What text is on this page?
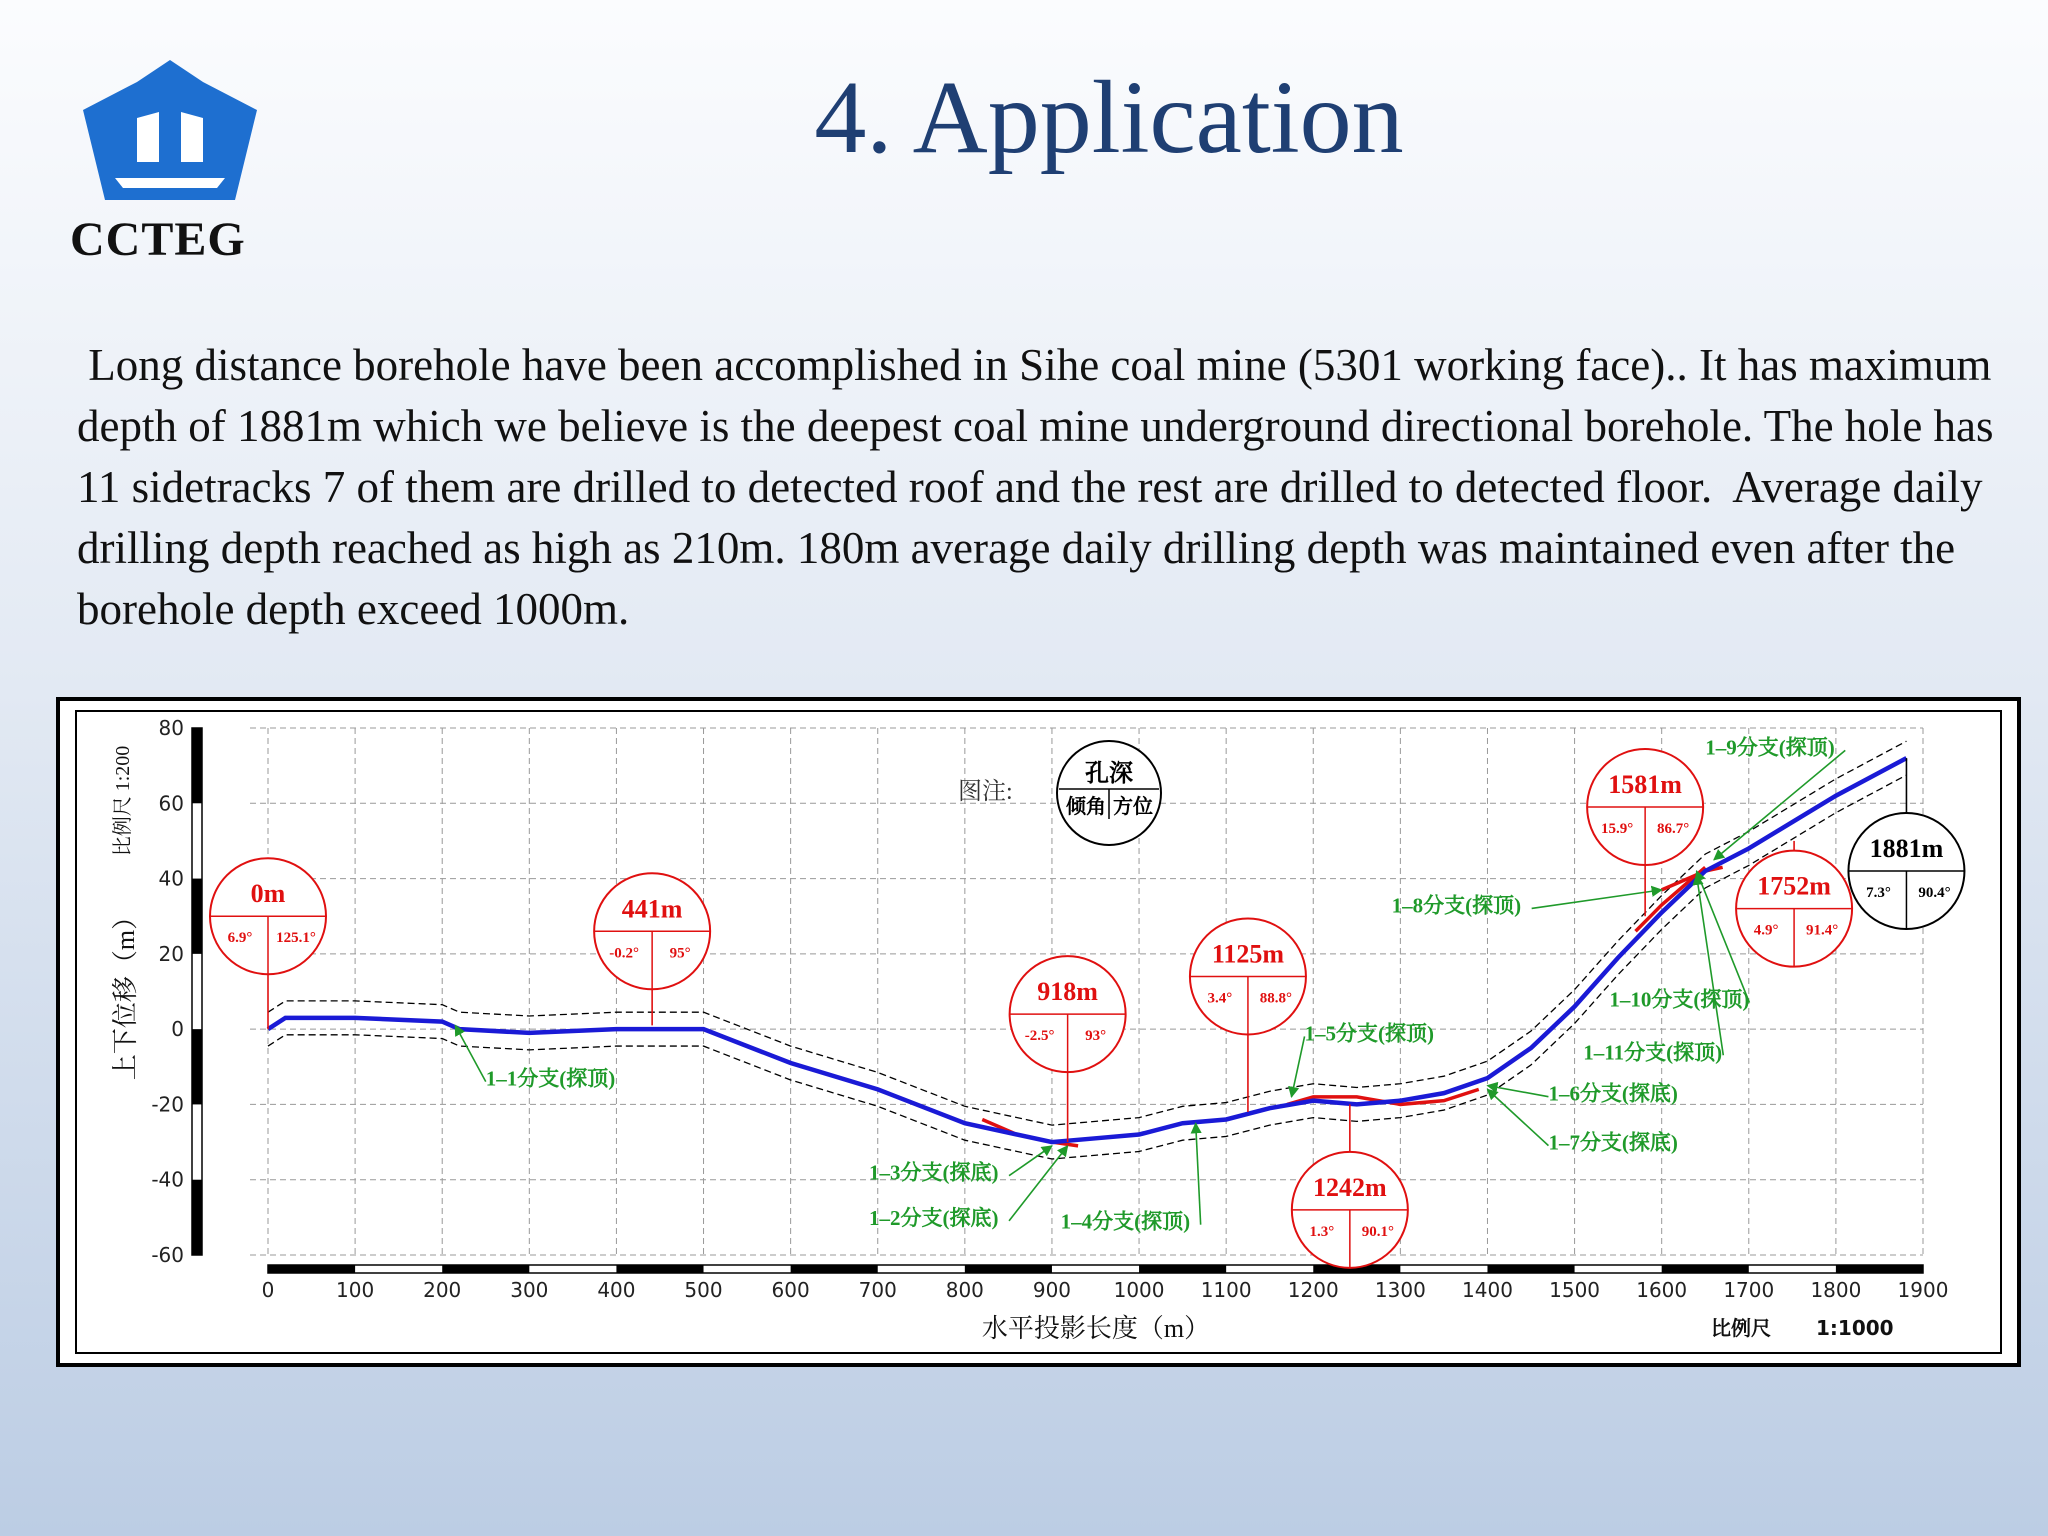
CCTEG
4. Application
Long distance borehole have been accomplished in Sihe coal mine (5301 working face).. It has maximum depth of 1881m which we believe is the deepest coal mine underground directional borehole. The hole has 11 sidetracks 7 of them are drilled to detected roof and the rest are drilled to detected floor.  Average daily drilling depth reached as high as 210m. 180m average daily drilling depth was maintained even after the borehole depth exceed 1000m.
0	100 200 300 400 500 600 700 800 900 1000 1100 1200 1300 1400 1500 1600 1700 1800 1900
80
60
40
20
0
-20
-40
-60
水平投影长度（m）
上下位移（m）
比例尺 1:200
比例尺 1:1000
图注:
孔深
倾角 方位
1–1分支(探顶)
1–2分支(探底)
1–3分支(探底)
1–4分支(探顶)
1–5分支(探顶)
1–6分支(探底)
1–7分支(探底)
1–8分支(探顶)
1–9分支(探顶)
1–10分支(探顶)
1–11分支(探顶)
0m
6.9° 125.1°
441m
-0.2° 95°
918m
-2.5° 93°
1125m
3.4° 88.8°
1242m
1.3° 90.1°
1581m
15.9° 86.7°
1752m
4.9° 91.4°
1881m
7.3° 90.4°
